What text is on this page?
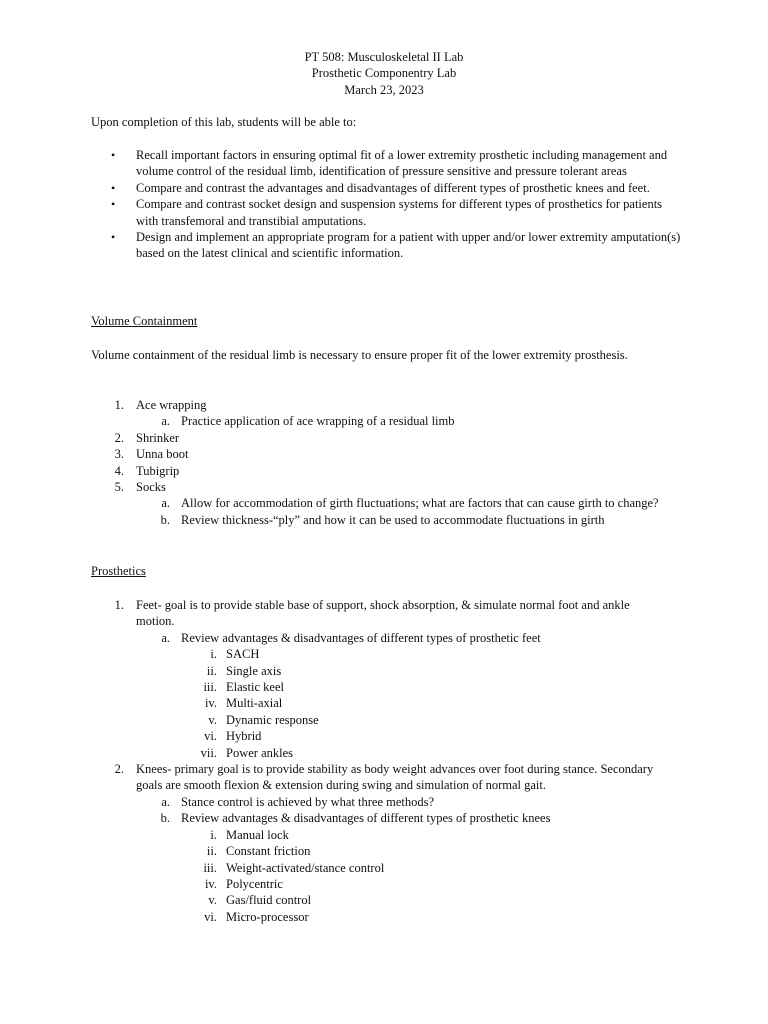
PT 508: Musculoskeletal II Lab
Prosthetic Componentry Lab
March 23, 2023
Upon completion of this lab, students will be able to:
• Recall important factors in ensuring optimal fit of a lower extremity prosthetic including management and volume control of the residual limb, identification of pressure sensitive and pressure tolerant areas
• Compare and contrast the advantages and disadvantages of different types of prosthetic knees and feet.
• Compare and contrast socket design and suspension systems for different types of prosthetics for patients with transfemoral and transtibial amputations.
• Design and implement an appropriate program for a patient with upper and/or lower extremity amputation(s) based on the latest clinical and scientific information.
Volume Containment
Volume containment of the residual limb is necessary to ensure proper fit of the lower extremity prosthesis.
1. Ace wrapping
a. Practice application of ace wrapping of a residual limb
2. Shrinker
3. Unna boot
4. Tubigrip
5. Socks
a. Allow for accommodation of girth fluctuations; what are factors that can cause girth to change?
b. Review thickness-“ply” and how it can be used to accommodate fluctuations in girth
Prosthetics
1. Feet- goal is to provide stable base of support, shock absorption, & simulate normal foot and ankle motion.
a. Review advantages & disadvantages of different types of prosthetic feet
i. SACH
ii. Single axis
iii. Elastic keel
iv. Multi-axial
v. Dynamic response
vi. Hybrid
vii. Power ankles
2. Knees- primary goal is to provide stability as body weight advances over foot during stance. Secondary goals are smooth flexion & extension during swing and simulation of normal gait.
a. Stance control is achieved by what three methods?
b. Review advantages & disadvantages of different types of prosthetic knees
i. Manual lock
ii. Constant friction
iii. Weight-activated/stance control
iv. Polycentric
v. Gas/fluid control
vi. Micro-processor
